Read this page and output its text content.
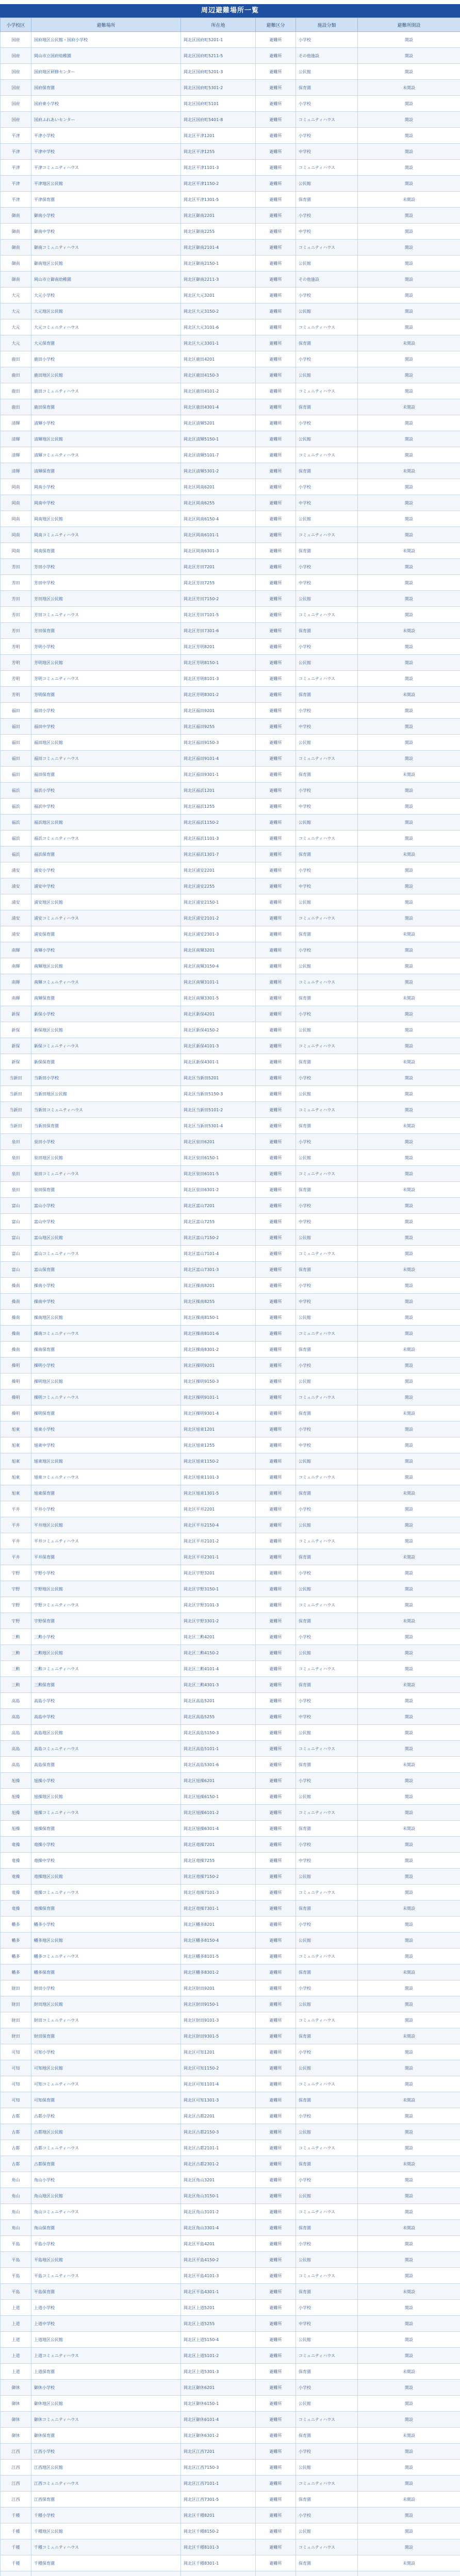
周辺避難場所一覧
小学校区	避難場所	所在地	避難区分	施設分類	避難所開設
国府	国府地区公民館・国府小学校	岡北区国府町5201-1	避難所	小学校	開設
国府	岡山市立国府幼稚園	岡北区国府町5211-5	避難所	その他施設	開設
国府	国府地区研修センター	岡北区国府町5201-3	避難所	公民館	開設
国府	国府保育園	岡北区国府町5301-2	避難所	保育園	未開設
国府	国府東小学校	岡北区国府町5101	避難所	小学校	開設
国府	国府ふれあいセンター	岡北区国府町5401-8	避難所	コミュニティハウス	開設
平津	平津小学校	岡北区平津1201	避難所	小学校	開設
平津	平津中学校	岡北区平津1255	避難所	中学校	開設
平津	平津コミュニティハウス	岡北区平津1101-3	避難所	コミュニティハウス	開設
平津	平津地区公民館	岡北区平津1150-2	避難所	公民館	開設
平津	平津保育園	岡北区平津1301-5	避難所	保育園	未開設
御南	御南小学校	岡北区御南2201	避難所	小学校	開設
御南	御南中学校	岡北区御南2255	避難所	中学校	開設
御南	御南コミュニティハウス	岡北区御南2101-4	避難所	コミュニティハウス	開設
御南	御南地区公民館	岡北区御南2150-1	避難所	公民館	開設
御南	岡山市立御南幼稚園	岡北区御南2211-3	避難所	その他施設	開設
大元	大元小学校	岡北区大元3201	避難所	小学校	開設
大元	大元地区公民館	岡北区大元3150-2	避難所	公民館	開設
大元	大元コミュニティハウス	岡北区大元3101-6	避難所	コミュニティハウス	開設
大元	大元保育園	岡北区大元3301-1	避難所	保育園	未開設
鹿田	鹿田小学校	岡北区鹿田4201	避難所	小学校	開設
鹿田	鹿田地区公民館	岡北区鹿田4150-3	避難所	公民館	開設
鹿田	鹿田コミュニティハウス	岡北区鹿田4101-2	避難所	コミュニティハウス	開設
鹿田	鹿田保育園	岡北区鹿田4301-4	避難所	保育園	未開設
清輝	清輝小学校	岡北区清輝5201	避難所	小学校	開設
清輝	清輝地区公民館	岡北区清輝5150-1	避難所	公民館	開設
清輝	清輝コミュニティハウス	岡北区清輝5101-7	避難所	コミュニティハウス	開設
清輝	清輝保育園	岡北区清輝5301-2	避難所	保育園	未開設
岡南	岡南小学校	岡北区岡南6201	避難所	小学校	開設
岡南	岡南中学校	岡北区岡南6255	避難所	中学校	開設
岡南	岡南地区公民館	岡北区岡南6150-4	避難所	公民館	開設
岡南	岡南コミュニティハウス	岡北区岡南6101-1	避難所	コミュニティハウス	開設
岡南	岡南保育園	岡北区岡南6301-3	避難所	保育園	未開設
芳田	芳田小学校	岡北区芳田7201	避難所	小学校	開設
芳田	芳田中学校	岡北区芳田7255	避難所	中学校	開設
芳田	芳田地区公民館	岡北区芳田7150-2	避難所	公民館	開設
芳田	芳田コミュニティハウス	岡北区芳田7101-5	避難所	コミュニティハウス	開設
芳田	芳田保育園	岡北区芳田7301-6	避難所	保育園	未開設
芳明	芳明小学校	岡北区芳明8201	避難所	小学校	開設
芳明	芳明地区公民館	岡北区芳明8150-1	避難所	公民館	開設
芳明	芳明コミュニティハウス	岡北区芳明8101-3	避難所	コミュニティハウス	開設
芳明	芳明保育園	岡北区芳明8301-2	避難所	保育園	未開設
福田	福田小学校	岡北区福田9201	避難所	小学校	開設
福田	福田中学校	岡北区福田9255	避難所	中学校	開設
福田	福田地区公民館	岡北区福田9150-3	避難所	公民館	開設
福田	福田コミュニティハウス	岡北区福田9101-4	避難所	コミュニティハウス	開設
福田	福田保育園	岡北区福田9301-1	避難所	保育園	未開設
福浜	福浜小学校	岡北区福浜1201	避難所	小学校	開設
福浜	福浜中学校	岡北区福浜1255	避難所	中学校	開設
福浜	福浜地区公民館	岡北区福浜1150-2	避難所	公民館	開設
福浜	福浜コミュニティハウス	岡北区福浜1101-3	避難所	コミュニティハウス	開設
福浜	福浜保育園	岡北区福浜1301-7	避難所	保育園	未開設
浦安	浦安小学校	岡北区浦安2201	避難所	小学校	開設
浦安	浦安中学校	岡北区浦安2255	避難所	中学校	開設
浦安	浦安地区公民館	岡北区浦安2150-1	避難所	公民館	開設
浦安	浦安コミュニティハウス	岡北区浦安2101-2	避難所	コミュニティハウス	開設
浦安	浦安保育園	岡北区浦安2301-3	避難所	保育園	未開設
南輝	南輝小学校	岡北区南輝3201	避難所	小学校	開設
南輝	南輝地区公民館	岡北区南輝3150-4	避難所	公民館	開設
南輝	南輝コミュニティハウス	岡北区南輝3101-1	避難所	コミュニティハウス	開設
南輝	南輝保育園	岡北区南輝3301-5	避難所	保育園	未開設
新保	新保小学校	岡北区新保4201	避難所	小学校	開設
新保	新保地区公民館	岡北区新保4150-2	避難所	公民館	開設
新保	新保コミュニティハウス	岡北区新保4101-3	避難所	コミュニティハウス	開設
新保	新保保育園	岡北区新保4301-1	避難所	保育園	未開設
当新田	当新田小学校	岡北区当新田5201	避難所	小学校	開設
当新田	当新田地区公民館	岡北区当新田5150-3	避難所	公民館	開設
当新田	当新田コミュニティハウス	岡北区当新田5101-2	避難所	コミュニティハウス	開設
当新田	当新田保育園	岡北区当新田5301-4	避難所	保育園	未開設
泉田	泉田小学校	岡北区泉田6201	避難所	小学校	開設
泉田	泉田地区公民館	岡北区泉田6150-1	避難所	公民館	開設
泉田	泉田コミュニティハウス	岡北区泉田6101-5	避難所	コミュニティハウス	開設
泉田	泉田保育園	岡北区泉田6301-2	避難所	保育園	未開設
富山	富山小学校	岡北区富山7201	避難所	小学校	開設
富山	富山中学校	岡北区富山7255	避難所	中学校	開設
富山	富山地区公民館	岡北区富山7150-2	避難所	公民館	開設
富山	富山コミュニティハウス	岡北区富山7101-4	避難所	コミュニティハウス	開設
富山	富山保育園	岡北区富山7301-3	避難所	保育園	未開設
操南	操南小学校	岡北区操南8201	避難所	小学校	開設
操南	操南中学校	岡北区操南8255	避難所	中学校	開設
操南	操南地区公民館	岡北区操南8150-1	避難所	公民館	開設
操南	操南コミュニティハウス	岡北区操南8101-6	避難所	コミュニティハウス	開設
操南	操南保育園	岡北区操南8301-2	避難所	保育園	未開設
操明	操明小学校	岡北区操明9201	避難所	小学校	開設
操明	操明地区公民館	岡北区操明9150-3	避難所	公民館	開設
操明	操明コミュニティハウス	岡北区操明9101-1	避難所	コミュニティハウス	開設
操明	操明保育園	岡北区操明9301-4	避難所	保育園	未開設
旭東	旭東小学校	岡北区旭東1201	避難所	小学校	開設
旭東	旭東中学校	岡北区旭東1255	避難所	中学校	開設
旭東	旭東地区公民館	岡北区旭東1150-2	避難所	公民館	開設
旭東	旭東コミュニティハウス	岡北区旭東1101-3	避難所	コミュニティハウス	開設
旭東	旭東保育園	岡北区旭東1301-5	避難所	保育園	未開設
平井	平井小学校	岡北区平井2201	避難所	小学校	開設
平井	平井地区公民館	岡北区平井2150-4	避難所	公民館	開設
平井	平井コミュニティハウス	岡北区平井2101-2	避難所	コミュニティハウス	開設
平井	平井保育園	岡北区平井2301-1	避難所	保育園	未開設
宇野	宇野小学校	岡北区宇野3201	避難所	小学校	開設
宇野	宇野地区公民館	岡北区宇野3150-1	避難所	公民館	開設
宇野	宇野コミュニティハウス	岡北区宇野3101-3	避難所	コミュニティハウス	開設
宇野	宇野保育園	岡北区宇野3301-2	避難所	保育園	未開設
三勲	三勲小学校	岡北区三勲4201	避難所	小学校	開設
三勲	三勲地区公民館	岡北区三勲4150-2	避難所	公民館	開設
三勲	三勲コミュニティハウス	岡北区三勲4101-4	避難所	コミュニティハウス	開設
三勲	三勲保育園	岡北区三勲4301-3	避難所	保育園	未開設
高島	高島小学校	岡北区高島5201	避難所	小学校	開設
高島	高島中学校	岡北区高島5255	避難所	中学校	開設
高島	高島地区公民館	岡北区高島5150-3	避難所	公民館	開設
高島	高島コミュニティハウス	岡北区高島5101-1	避難所	コミュニティハウス	開設
高島	高島保育園	岡北区高島5301-6	避難所	保育園	未開設
旭操	旭操小学校	岡北区旭操6201	避難所	小学校	開設
旭操	旭操地区公民館	岡北区旭操6150-1	避難所	公民館	開設
旭操	旭操コミュニティハウス	岡北区旭操6101-2	避難所	コミュニティハウス	開設
旭操	旭操保育園	岡北区旭操6301-4	避難所	保育園	未開設
竜操	竜操小学校	岡北区竜操7201	避難所	小学校	開設
竜操	竜操中学校	岡北区竜操7255	避難所	中学校	開設
竜操	竜操地区公民館	岡北区竜操7150-2	避難所	公民館	開設
竜操	竜操コミュニティハウス	岡北区竜操7101-3	避難所	コミュニティハウス	開設
竜操	竜操保育園	岡北区竜操7301-1	避難所	保育園	未開設
幡多	幡多小学校	岡北区幡多8201	避難所	小学校	開設
幡多	幡多地区公民館	岡北区幡多8150-4	避難所	公民館	開設
幡多	幡多コミュニティハウス	岡北区幡多8101-5	避難所	コミュニティハウス	開設
幡多	幡多保育園	岡北区幡多8301-2	避難所	保育園	未開設
財田	財田小学校	岡北区財田9201	避難所	小学校	開設
財田	財田地区公民館	岡北区財田9150-1	避難所	公民館	開設
財田	財田コミュニティハウス	岡北区財田9101-3	避難所	コミュニティハウス	開設
財田	財田保育園	岡北区財田9301-5	避難所	保育園	未開設
可知	可知小学校	岡北区可知1201	避難所	小学校	開設
可知	可知地区公民館	岡北区可知1150-2	避難所	公民館	開設
可知	可知コミュニティハウス	岡北区可知1101-4	避難所	コミュニティハウス	開設
可知	可知保育園	岡北区可知1301-3	避難所	保育園	未開設
古都	古都小学校	岡北区古都2201	避難所	小学校	開設
古都	古都地区公民館	岡北区古都2150-3	避難所	公民館	開設
古都	古都コミュニティハウス	岡北区古都2101-1	避難所	コミュニティハウス	開設
古都	古都保育園	岡北区古都2301-2	避難所	保育園	未開設
角山	角山小学校	岡北区角山3201	避難所	小学校	開設
角山	角山地区公民館	岡北区角山3150-1	避難所	公民館	開設
角山	角山コミュニティハウス	岡北区角山3101-2	避難所	コミュニティハウス	開設
角山	角山保育園	岡北区角山3301-4	避難所	保育園	未開設
平島	平島小学校	岡北区平島4201	避難所	小学校	開設
平島	平島地区公民館	岡北区平島4150-2	避難所	公民館	開設
平島	平島コミュニティハウス	岡北区平島4101-3	避難所	コミュニティハウス	開設
平島	平島保育園	岡北区平島4301-1	避難所	保育園	未開設
上道	上道小学校	岡北区上道5201	避難所	小学校	開設
上道	上道中学校	岡北区上道5255	避難所	中学校	開設
上道	上道地区公民館	岡北区上道5150-4	避難所	公民館	開設
上道	上道コミュニティハウス	岡北区上道5101-2	避難所	コミュニティハウス	開設
上道	上道保育園	岡北区上道5301-3	避難所	保育園	未開設
御休	御休小学校	岡北区御休6201	避難所	小学校	開設
御休	御休地区公民館	岡北区御休6150-1	避難所	公民館	開設
御休	御休コミュニティハウス	岡北区御休6101-4	避難所	コミュニティハウス	開設
御休	御休保育園	岡北区御休6301-2	避難所	保育園	未開設
江西	江西小学校	岡北区江西7201	避難所	小学校	開設
江西	江西地区公民館	岡北区江西7150-3	避難所	公民館	開設
江西	江西コミュニティハウス	岡北区江西7101-1	避難所	コミュニティハウス	開設
江西	江西保育園	岡北区江西7301-5	避難所	保育園	未開設
千種	千種小学校	岡北区千種8201	避難所	小学校	開設
千種	千種地区公民館	岡北区千種8150-2	避難所	公民館	開設
千種	千種コミュニティハウス	岡北区千種8101-3	避難所	コミュニティハウス	開設
千種	千種保育園	岡北区千種8301-1	避難所	保育園	未開設
